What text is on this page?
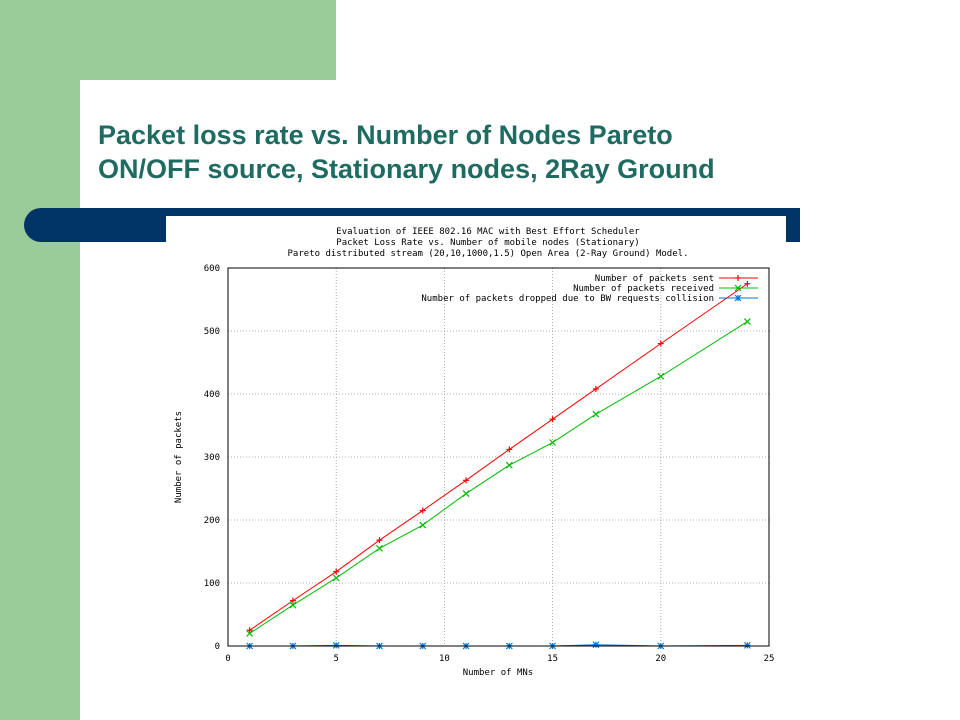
Packet loss rate vs. Number of Nodes Pareto
ON/OFF source, Stationary nodes, 2Ray Ground
Evaluation of IEEE 802.16 MAC with Best Effort Scheduler
Packet Loss Rate vs. Number of mobile nodes (Stationary)
Pareto distributed stream (20,10,1000,1.5) Open Area (2-Ray Ground) Model.
0	5	10	15	20	25
0
100
200
300
400
500
600
Number of packets sent
Number of packets received
Number of packets dropped due to BW requests collision
Number of MNs
Number of packets
